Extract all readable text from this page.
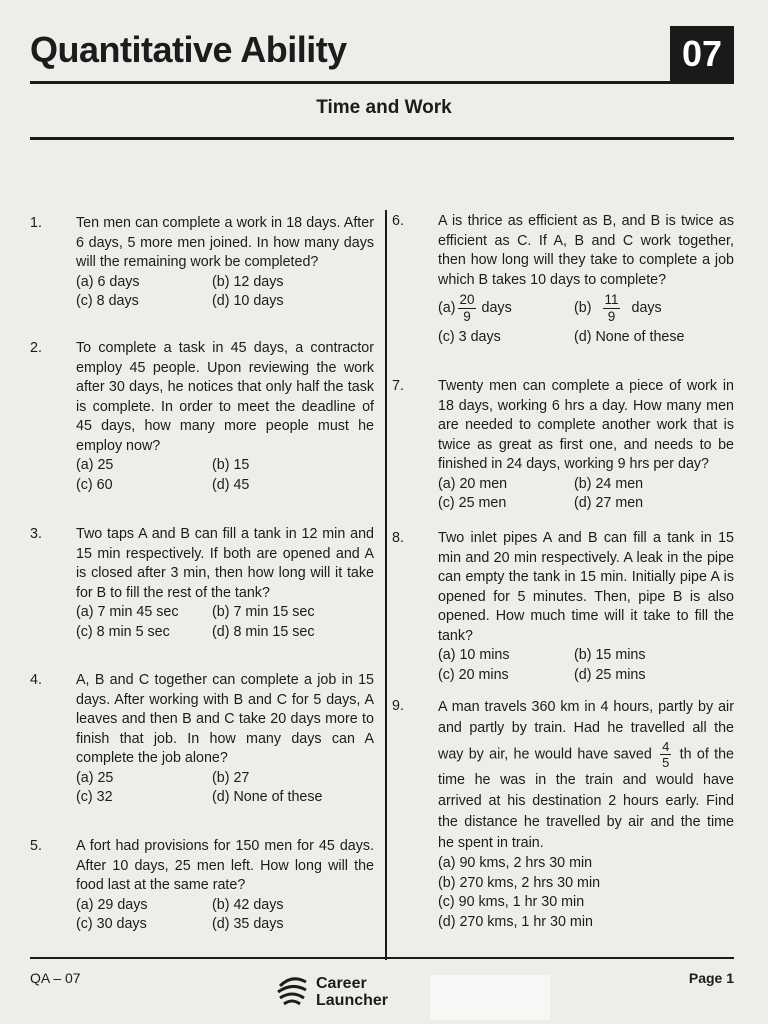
Quantitative Ability	07
Time and Work
1. Ten men can complete a work in 18 days. After 6 days, 5 more men joined. In how many days will the remaining work be completed?
(a) 6 days	(b) 12 days
(c) 8 days	(d) 10 days
2. To complete a task in 45 days, a contractor employ 45 people. Upon reviewing the work after 30 days, he notices that only half the task is complete. In order to meet the deadline of 45 days, how many more people must he employ now?
(a) 25	(b) 15
(c) 60	(d) 45
3. Two taps A and B can fill a tank in 12 min and 15 min respectively. If both are opened and A is closed after 3 min, then how long will it take for B to fill the rest of the tank?
(a) 7 min 45 sec	(b) 7 min 15 sec
(c) 8 min 5 sec	(d) 8 min 15 sec
4. A, B and C together can complete a job in 15 days. After working with B and C for 5 days, A leaves and then B and C take 20 days more to finish that job. In how many days can A complete the job alone?
(a) 25	(b) 27
(c) 32	(d) None of these
5. A fort had provisions for 150 men for 45 days. After 10 days, 25 men left. How long will the food last at the same rate?
(a) 29 days	(b) 42 days
(c) 30 days	(d) 35 days
6. A is thrice as efficient as B, and B is twice as efficient as C. If A, B and C work together, then how long will they take to complete a job which B takes 10 days to complete?
$(a) \frac{20}{9}$ days	$(b) \frac{11}{9}$ days
(c) 3 days	(d) None of these
7. Twenty men can complete a piece of work in 18 days, working 6 hrs a day. How many men are needed to complete another work that is twice as great as first one, and needs to be finished in 24 days, working 9 hrs per day?
(a) 20 men	(b) 24 men
(c) 25 men	(d) 27 men
8. Two inlet pipes A and B can fill a tank in 15 min and 20 min respectively. A leak in the pipe can empty the tank in 15 min. Initially pipe A is opened for 5 minutes. Then, pipe B is also opened. How much time will it take to fill the tank?
(a) 10 mins	(b) 15 mins
(c) 20 mins	(d) 25 mins
9. A man travels 360 km in 4 hours, partly by air and partly by train. Had he travelled all the way by air, he would have saved $\frac{4}{5}$ th of the time he was in the train and would have arrived at his destination 2 hours early. Find the distance he travelled by air and the time he spent in train.
(a) 90 kms, 2 hrs 30 min
(b) 270 kms, 2 hrs 30 min
(c) 90 kms, 1 hr 30 min
(d) 270 kms, 1 hr 30 min
QA – 07	Career
Launcher
Page 1
